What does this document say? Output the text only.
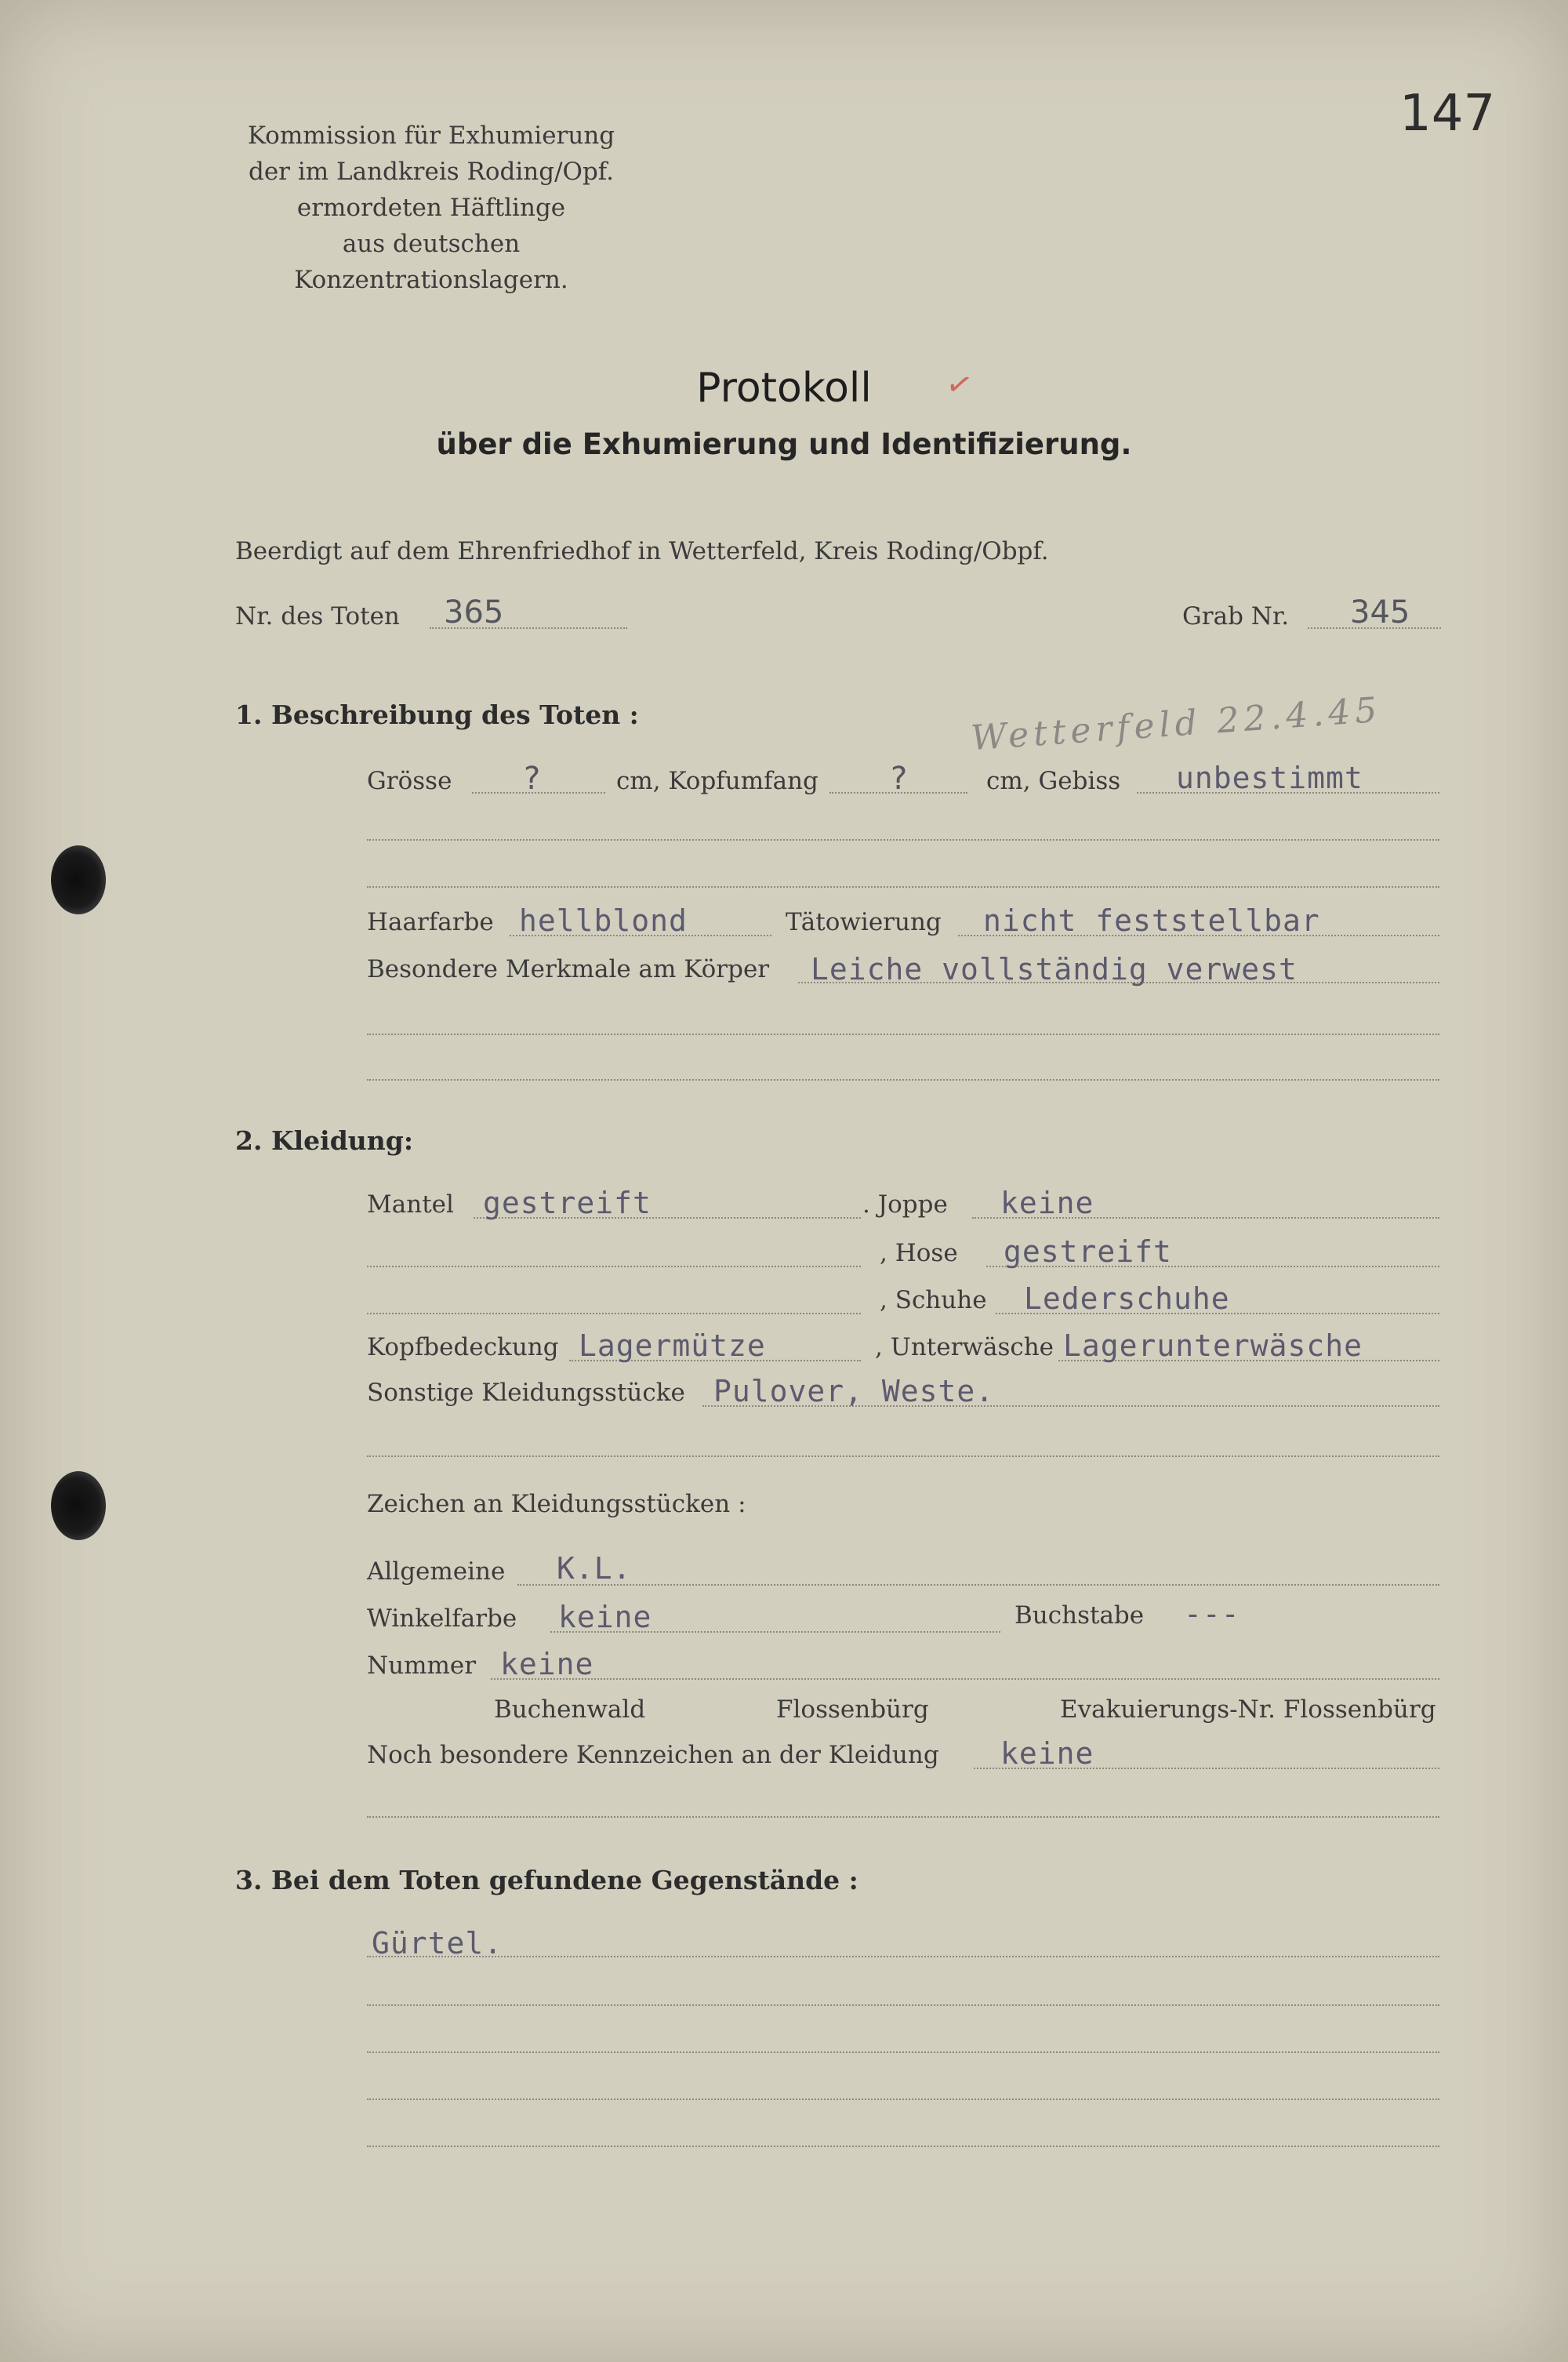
147
Kommission für Exhumierung
der im Landkreis Roding/Opf.
ermordeten Häftlinge
aus deutschen Konzentrationslagern.
Protokoll	✓
über die Exhumierung und Identifizierung.
Beerdigt auf dem Ehrenfriedhof in Wetterfeld, Kreis Roding/Obpf.
Nr. des Toten 365	Grab Nr. 345
1. Beschreibung des Toten :	Wetterfeld 22.4.45
Grösse ?	cm, Kopfumfang ?	cm, Gebiss unbestimmt
Haarfarbe hellblond	Tätowierung nicht feststellbar
Besondere Merkmale am Körper Leiche vollständig verwest
2. Kleidung:
Mantel gestreift	. Joppe keine
, Hose gestreift
, Schuhe Lederschuhe
Kopfbedeckung Lagermütze	, Unterwäsche Lagerunterwäsche
Sonstige Kleidungsstücke Pulover, Weste.
Zeichen an Kleidungsstücken :
Allgemeine K.L.
Winkelfarbe keine	Buchstabe ---
Nummer keine
Buchenwald	Flossenbürg	Evakuierungs-Nr. Flossenbürg
Noch besondere Kennzeichen an der Kleidung keine
3. Bei dem Toten gefundene Gegenstände :
Gürtel.
